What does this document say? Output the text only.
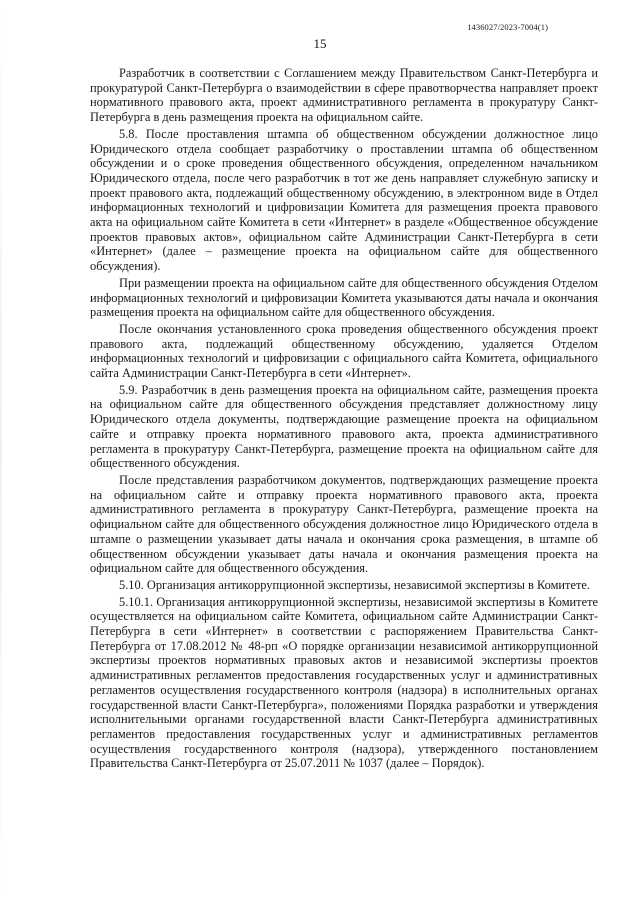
1436027/2023-7004(1)
15

Разработчик в соответствии с Соглашением между Правительством Санкт-Петербурга и прокуратурой Санкт-Петербурга о взаимодействии в сфере правотворчества направляет проект нормативного правового акта, проект административного регламента в прокуратуру Санкт-Петербурга в день размещения проекта на официальном сайте.

5.8. После проставления штампа об общественном обсуждении должностное лицо Юридического отдела сообщает разработчику о проставлении штампа об общественном обсуждении и о сроке проведения общественного обсуждения, определенном начальником Юридического отдела, после чего разработчик в тот же день направляет служебную записку и проект правового акта, подлежащий общественному обсуждению, в электронном виде в Отдел информационных технологий и цифровизации Комитета для размещения проекта правового акта на официальном сайте Комитета в сети «Интернет» в разделе «Общественное обсуждение проектов правовых актов», официальном сайте Администрации Санкт-Петербурга в сети «Интернет» (далее – размещение проекта на официальном сайте для общественного обсуждения).

При размещении проекта на официальном сайте для общественного обсуждения Отделом информационных технологий и цифровизации Комитета указываются даты начала и окончания размещения проекта на официальном сайте для общественного обсуждения.

После окончания установленного срока проведения общественного обсуждения проект правового акта, подлежащий общественному обсуждению, удаляется Отделом информационных технологий и цифровизации с официального сайта Комитета, официального сайта Администрации Санкт-Петербурга в сети «Интернет».

5.9. Разработчик в день размещения проекта на официальном сайте, размещения проекта на официальном сайте для общественного обсуждения представляет должностному лицу Юридического отдела документы, подтверждающие размещение проекта на официальном сайте и отправку проекта нормативного правового акта, проекта административного регламента в прокуратуру Санкт-Петербурга, размещение проекта на официальном сайте для общественного обсуждения.

После представления разработчиком документов, подтверждающих размещение проекта на официальном сайте и отправку проекта нормативного правового акта, проекта административного регламента в прокуратуру Санкт-Петербурга, размещение проекта на официальном сайте для общественного обсуждения должностное лицо Юридического отдела в штампе о размещении указывает даты начала и окончания срока размещения, в штампе об общественном обсуждении указывает даты начала и окончания размещения проекта на официальном сайте для общественного обсуждения.

5.10. Организация антикоррупционной экспертизы, независимой экспертизы в Комитете.

5.10.1. Организация антикоррупционной экспертизы, независимой экспертизы в Комитете осуществляется на официальном сайте Комитета, официальном сайте Администрации Санкт-Петербурга в сети «Интернет» в соответствии с распоряжением Правительства Санкт-Петербурга от 17.08.2012 № 48-рп «О порядке организации независимой антикоррупционной экспертизы проектов нормативных правовых актов и независимой экспертизы проектов административных регламентов предоставления государственных услуг и административных регламентов осуществления государственного контроля (надзора) в исполнительных органах государственной власти Санкт-Петербурга», положениями Порядка разработки и утверждения исполнительными органами государственной власти Санкт-Петербурга административных регламентов предоставления государственных услуг и административных регламентов осуществления государственного контроля (надзора), утвержденного постановлением Правительства Санкт-Петербурга от 25.07.2011 № 1037 (далее – Порядок).
